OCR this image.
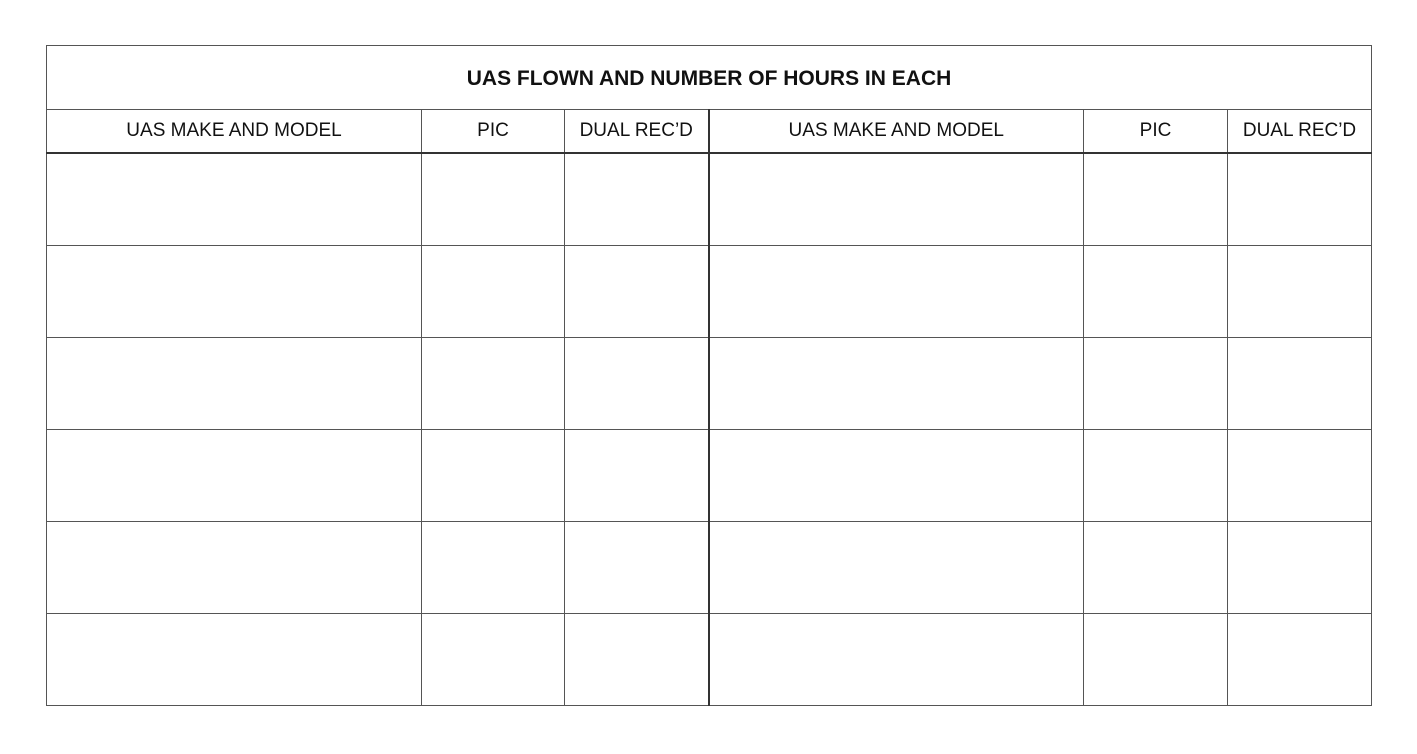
UAS FLOWN AND NUMBER OF HOURS IN EACH					
UAS MAKE AND MODEL	PIC	DUAL REC’D	UAS MAKE AND MODEL	PIC	DUAL REC’D
